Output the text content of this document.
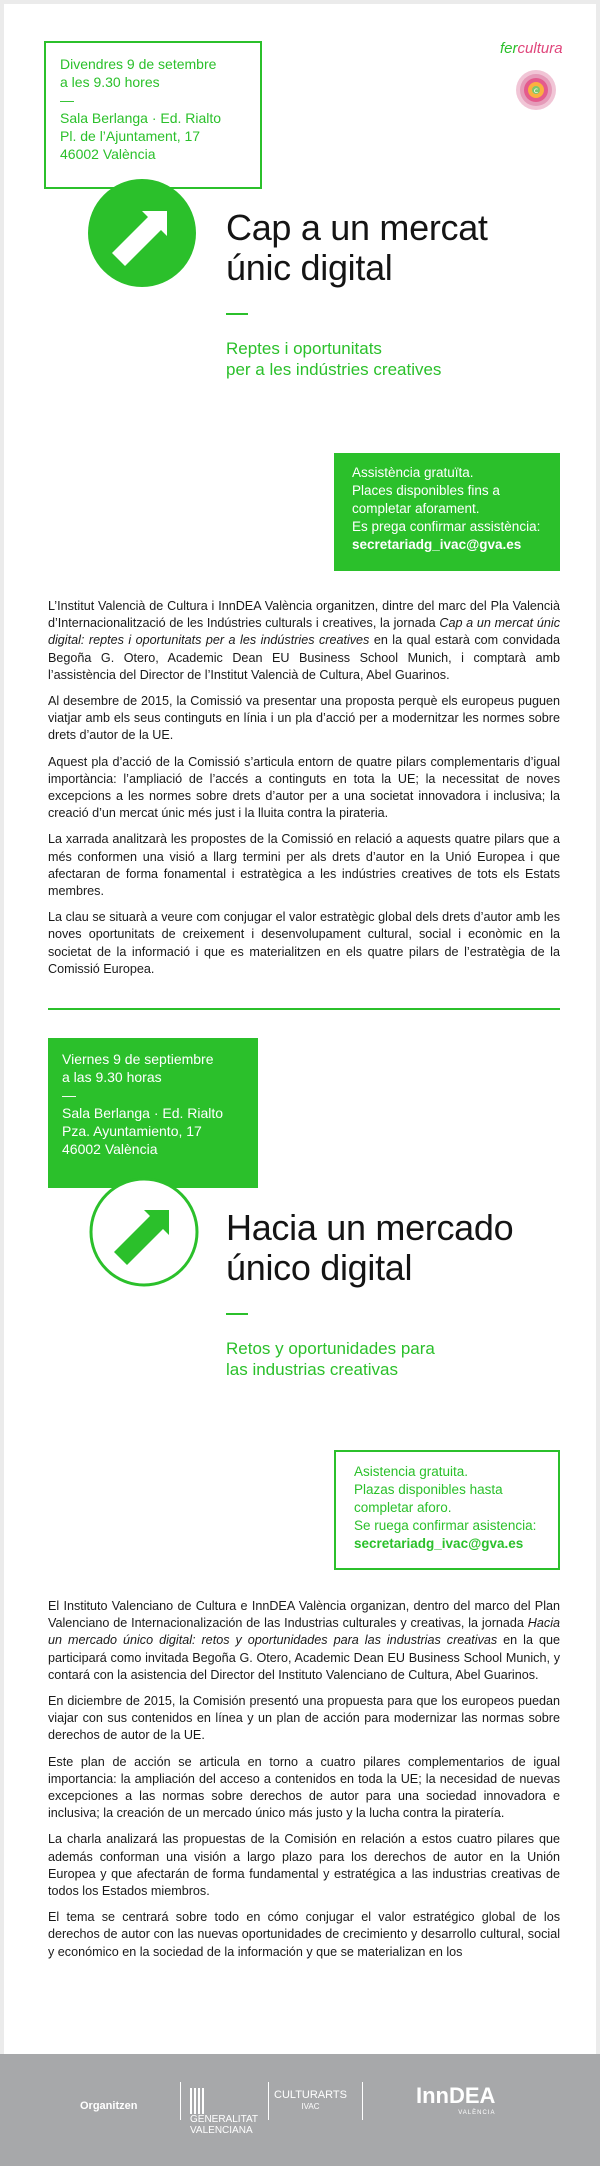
fercultura
c
Divendres 9 de setembre
a les 9.30 hores
—
Sala Berlanga · Ed. Rialto
Pl. de l’Ajuntament, 17
46002 València
Cap a un mercat
únic digital
Reptes i oportunitats
per a les indústries creatives
Assistència gratuïta.
Places disponibles fins a
completar aforament.
Es prega confirmar assistència:
secretariadg_ivac@gva.es

L’Institut Valencià de Cultura i InnDEA València organitzen, dintre del marc del Pla Valencià d’Internacionalització de les Indústries culturals i creatives, la jornada Cap a un mercat únic digital: reptes i oportunitats per a les indústries creatives en la qual estarà com convidada Begoña G. Otero, Academic Dean EU Business School Munich, i comptarà amb l’assistència del Director de l’Institut Valencià de Cultura, Abel Guarinos.

Al desembre de 2015, la Comissió va presentar una proposta perquè els europeus puguen viatjar amb els seus continguts en línia i un pla d’acció per a modernitzar les normes sobre drets d’autor de la UE.

Aquest pla d’acció de la Comissió s’articula entorn de quatre pilars complementaris d’igual importància: l’ampliació de l’accés a continguts en tota la UE; la necessitat de noves excepcions a les normes sobre drets d’autor per a una societat innovadora i inclusiva; la creació d’un mercat únic més just i la lluita contra la pirateria.

La xarrada analitzarà les propostes de la Comissió en relació a aquests quatre pilars que a més conformen una visió a llarg termini per als drets d’autor en la Unió Europea i que afectaran de forma fonamental i estratègica a les indústries creatives de tots els Estats membres.

La clau se situarà a veure com conjugar el valor estratègic global dels drets d’autor amb les noves oportunitats de creixement i desenvolupament cultural, social i econòmic en la societat de la informació i que es materialitzen en els quatre pilars de l’estratègia de la Comissió Europea.

Viernes 9 de septiembre
a las 9.30 horas
—
Sala Berlanga · Ed. Rialto
Pza. Ayuntamiento, 17
46002 València
Hacia un mercado
único digital
Retos y oportunidades para
las industrias creativas
Asistencia gratuita.
Plazas disponibles hasta
completar aforo.
Se ruega confirmar asistencia:
secretariadg_ivac@gva.es

El Instituto Valenciano de Cultura e InnDEA València organizan, dentro del marco del Plan Valenciano de Internacionalización de las Industrias culturales y creativas, la jornada Hacia un mercado único digital: retos y oportunidades para las industrias creativas en la que participará como invitada Begoña G. Otero, Academic Dean EU Business School Munich, y contará con la asistencia del Director del Instituto Valenciano de Cultura, Abel Guarinos.

En diciembre de 2015, la Comisión presentó una propuesta para que los europeos puedan viajar con sus contenidos en línea y un plan de acción para modernizar las normas sobre derechos de autor de la UE.

Este plan de acción se articula en torno a cuatro pilares complementarios de igual importancia: la ampliación del acceso a contenidos en toda la UE; la necesidad de nuevas excepciones a las normas sobre derechos de autor para una sociedad innovadora e inclusiva; la creación de un mercado único más justo y la lucha contra la piratería.

La charla analizará las propuestas de la Comisión en relación a estos cuatro pilares que además conforman una visión a largo plazo para los derechos de autor en la Unión Europea y que afectarán de forma fundamental y estratégica a las industrias creativas de todos los Estados miembros.

El tema se centrará sobre todo en cómo conjugar el valor estratégico global de los derechos de autor con las nuevas oportunidades de crecimiento y desarrollo cultural, social y económico en la sociedad de la información y que se materializan en los

Organitzen
GENERALITAT
VALENCIANA
CULTURARTS
IVAC	InnDEA
VALÈNCIA
